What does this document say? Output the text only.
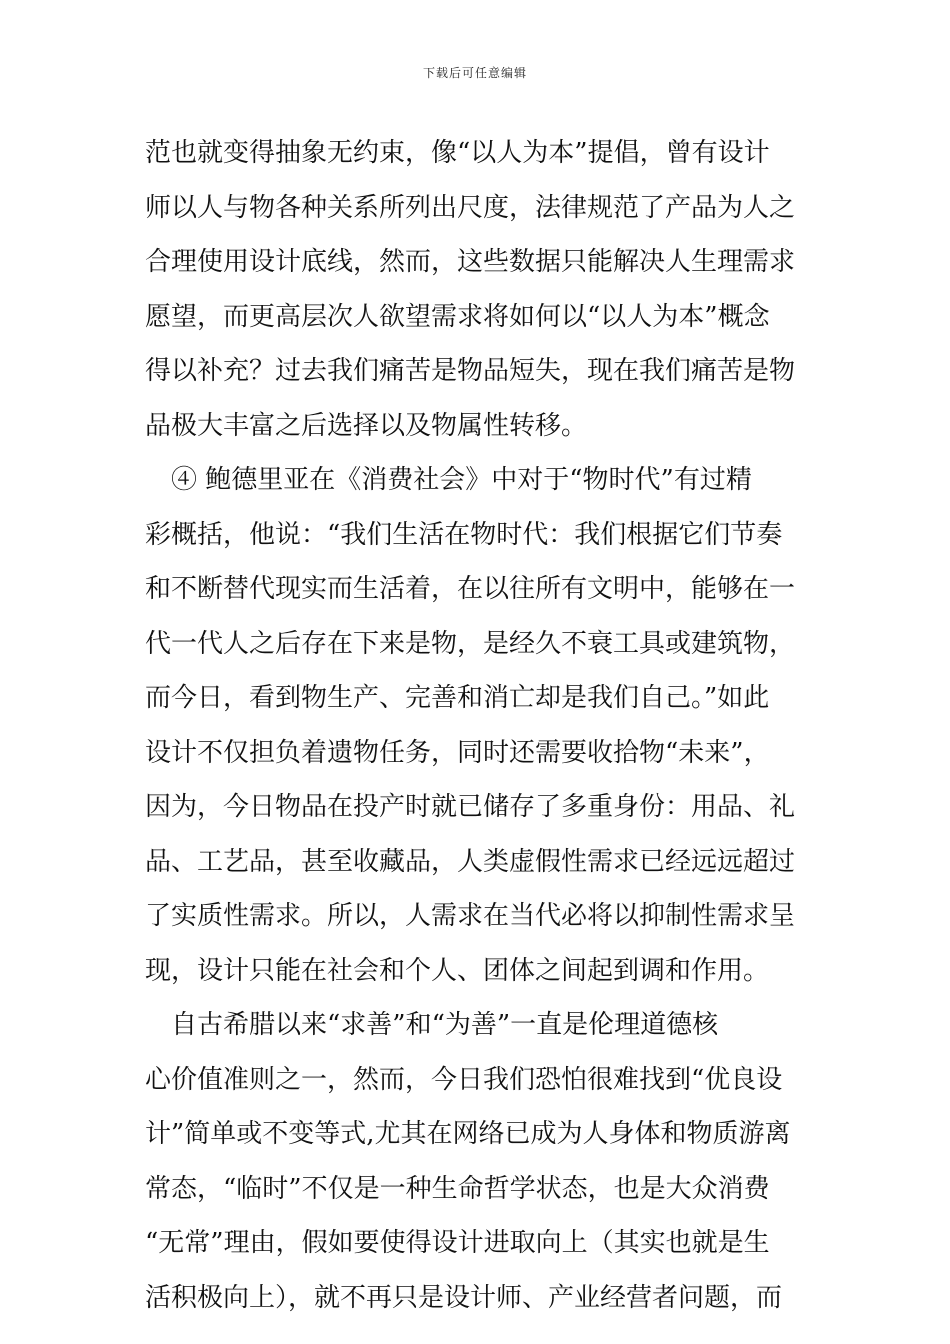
下载后可任意编辑
范也就变得抽象无约束，像“以人为本”提倡，曾有设计
师以人与物各种关系所列出尺度，法律规范了产品为人之
合理使用设计底线，然而，这些数据只能解决人生理需求
愿望，而更高层次人欲望需求将如何以“以人为本”概念
得以补充？过去我们痛苦是物品短失，现在我们痛苦是物
品极大丰富之后选择以及物属性转移。
　④ 鲍德里亚在《消费社会》中对于“物时代”有过精
彩概括，他说：“我们生活在物时代：我们根据它们节奏
和不断替代现实而生活着，在以往所有文明中，能够在一
代一代人之后存在下来是物，是经久不衰工具或建筑物，
而今日，看到物生产、完善和消亡却是我们自己。”如此
设计不仅担负着遗物任务，同时还需要收拾物“未来”，
因为，今日物品在投产时就已储存了多重身份：用品、礼
品、工艺品，甚至收藏品，人类虚假性需求已经远远超过
了实质性需求。所以，人需求在当代必将以抑制性需求呈
现，设计只能在社会和个人、团体之间起到调和作用。
　自古希腊以来“求善”和“为善”一直是伦理道德核
心价值准则之一，然而，今日我们恐怕很难找到“优良设
计”简单或不变等式,尤其在网络已成为人身体和物质游离
常态，“临时”不仅是一种生命哲学状态，也是大众消费
“无常”理由，假如要使得设计进取向上（其实也就是生
活积极向上），就不再只是设计师、产业经营者问题，而
